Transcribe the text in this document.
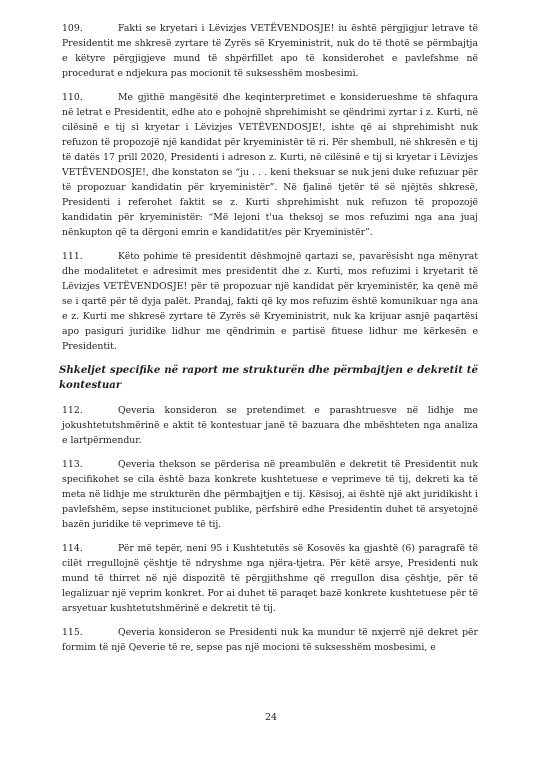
109.	Fakti se kryetari i Lëvizjes VETËVENDOSJE! iu është përgjigjur letrave të Presidentit me shkresë zyrtare të Zyrës së Kryeministrit, nuk do të thotë se përmbajtja e këtyre përgjigjeve mund të shpërfillet apo të konsiderohet e pavlefshme në procedurat e ndjekura pas mocionit të suksesshëm mosbesimi.
110.	Me gjithë mangësitë dhe keqinterpretimet e konsiderueshme të shfaqura në letrat e Presidentit, edhe ato e pohojnë shprehimisht se qëndrimi zyrtar i z. Kurti, në cilësinë e tij si kryetar i Lëvizjes VETËVENDOSJE!, ishte që ai shprehimisht nuk refuzon të propozojë një kandidat për kryeministër të ri. Për shembull, në shkresën e tij të datës 17 prill 2020, Presidenti i adreson z. Kurti, në cilësinë e tij si kryetar i Lëvizjes VETËVENDOSJE!, dhe konstaton se “ju . . . keni theksuar se nuk jeni duke refuzuar për të propozuar kandidatin për kryeministër”. Në fjalinë tjetër të së njëjtës shkresë, Presidenti i referohet faktit se z. Kurti shprehimisht nuk refuzon të propozojë kandidatin për kryeministër: “Më lejoni t'ua theksoj se mos refuzimi nga ana juaj nënkupton që ta dërgoni emrin e kandidatit/es për Kryeministër”.
111.	Këto pohime të presidentit dëshmojnë qartazi se, pavarësisht nga mënyrat dhe modalitetet e adresimit mes presidentit dhe z. Kurti, mos refuzimi i kryetarit të Lëvizjes VETËVENDOSJE! për të propozuar një kandidat për kryeministër, ka qenë më se i qartë për të dyja palët. Prandaj, fakti që ky mos refuzim është komunikuar nga ana e z. Kurti me shkresë zyrtare të Zyrës së Kryeministrit, nuk ka krijuar asnjë paqartësi apo pasiguri juridike lidhur me qëndrimin e partisë fituese lidhur me kërkesën e Presidentit.
Shkeljet specifike në raport me strukturën dhe përmbajtjen e dekretit të kontestuar
112.	Qeveria konsideron se pretendimet e parashtruesve në lidhje me jokushtetutshmërinë e aktit të kontestuar janë të bazuara dhe mbështeten nga analiza e lartpërmendur.
113.	Qeveria thekson se përderisa në preambulën e dekretit të Presidentit nuk specifikohet se cila është baza konkrete kushtetuese e veprimeve të tij, dekreti ka të meta në lidhje me strukturën dhe përmbajtjen e tij. Kësisoj, ai është një akt juridikisht i pavlefshëm, sepse institucionet publike, përfshirë edhe Presidentin duhet të arsyetojnë bazën juridike të veprimeve të tij.
114.	Për më tepër, neni 95 i Kushtetutës së Kosovës ka gjashtë (6) paragrafë të cilët rregullojnë çështje të ndryshme nga njëra-tjetra. Për këtë arsye, Presidenti nuk mund të thirret në një dispozitë të përgjithshme që rregullon disa çështje, për të legalizuar një veprim konkret. Por ai duhet të paraqet bazë konkrete kushtetuese për të arsyetuar kushtetutshmërinë e dekretit të tij.
115.	Qeveria konsideron se Presidenti nuk ka mundur të nxjerrë një dekret për formim të një Qeverie të re, sepse pas një mocioni të suksesshëm mosbesimi, e
24
